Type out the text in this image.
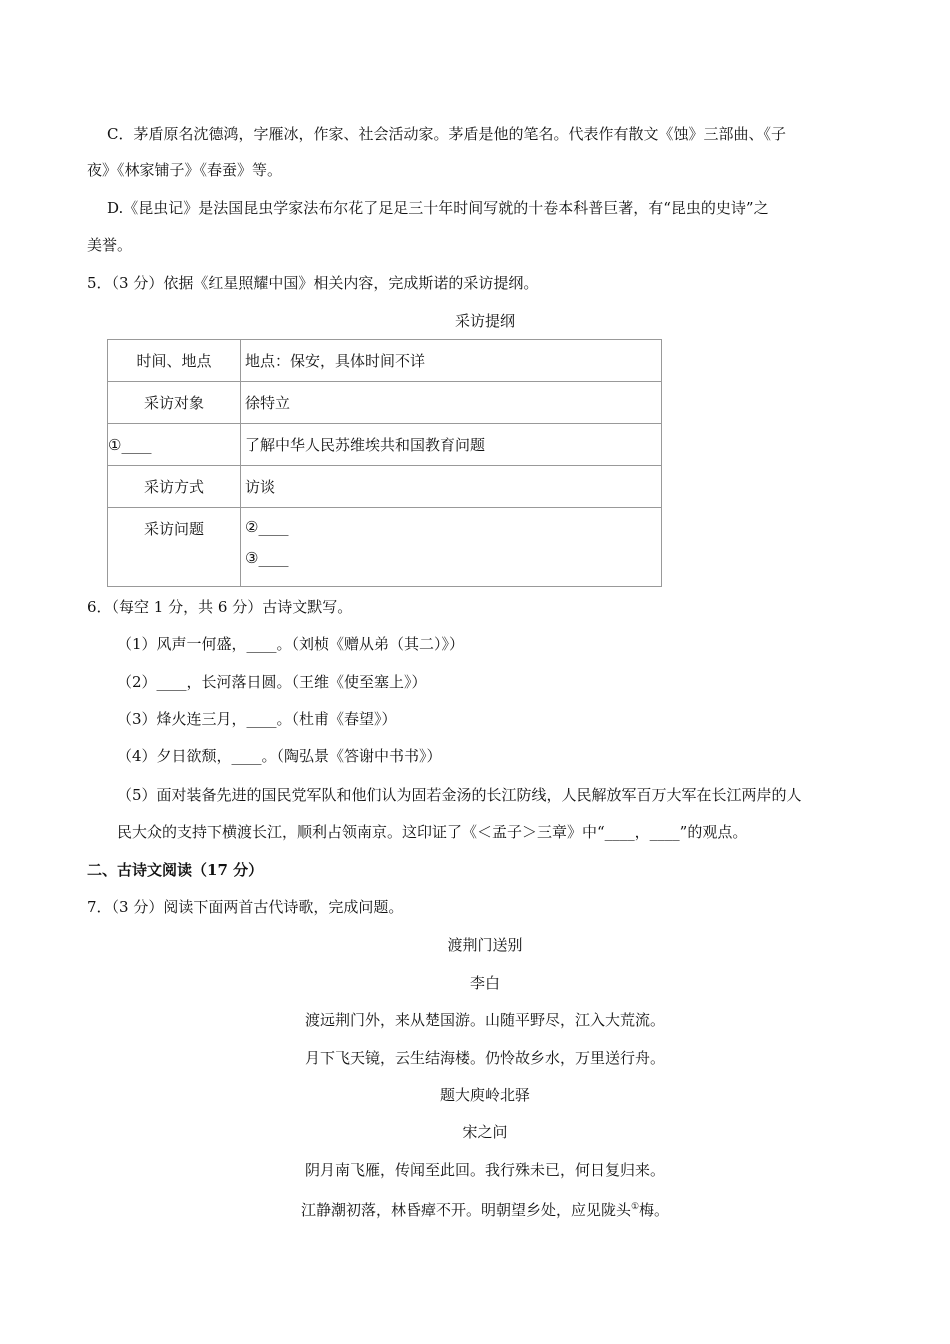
C．茅盾原名沈德鸿，字雁冰，作家、社会活动家。茅盾是他的笔名。代表作有散文《蚀》三部曲、《子
夜》《林家铺子》《春蚕》等。
D.《昆虫记》是法国昆虫学家法布尔花了足足三十年时间写就的十卷本科普巨著，有“昆虫的史诗”之
美誉。
5．（3 分）依据《红星照耀中国》相关内容，完成斯诺的采访提纲。
采访提纲
时间、地点	地点：保安，具体时间不详
采访对象	徐特立
①____	了解中华人民苏维埃共和国教育问题
采访方式	访谈
采访问题	②____
③____
6．（每空 1 分，共 6 分）古诗文默写。
（1）风声一何盛，____。（刘桢《赠从弟（其二）》）
（2）____，长河落日圆。（王维《使至塞上》）
（3）烽火连三月，____。（杜甫《春望》）
（4）夕日欲颓，____。（陶弘景《答谢中书书》）
（5）面对装备先进的国民党军队和他们认为固若金汤的长江防线，人民解放军百万大军在长江两岸的人
民大众的支持下横渡长江，顺利占领南京。这印证了《＜孟子＞三章》中“____，____”的观点。
二、古诗文阅读（17 分）
7．（3 分）阅读下面两首古代诗歌，完成问题。
渡荆门送别
李白
渡远荆门外，来从楚国游。山随平野尽，江入大荒流。
月下飞天镜，云生结海楼。仍怜故乡水，万里送行舟。
题大庾岭北驿
宋之问
阴月南飞雁，传闻至此回。我行殊未已，何日复归来。
江静潮初落，林昏瘴不开。明朝望乡处，应见陇头①梅。
